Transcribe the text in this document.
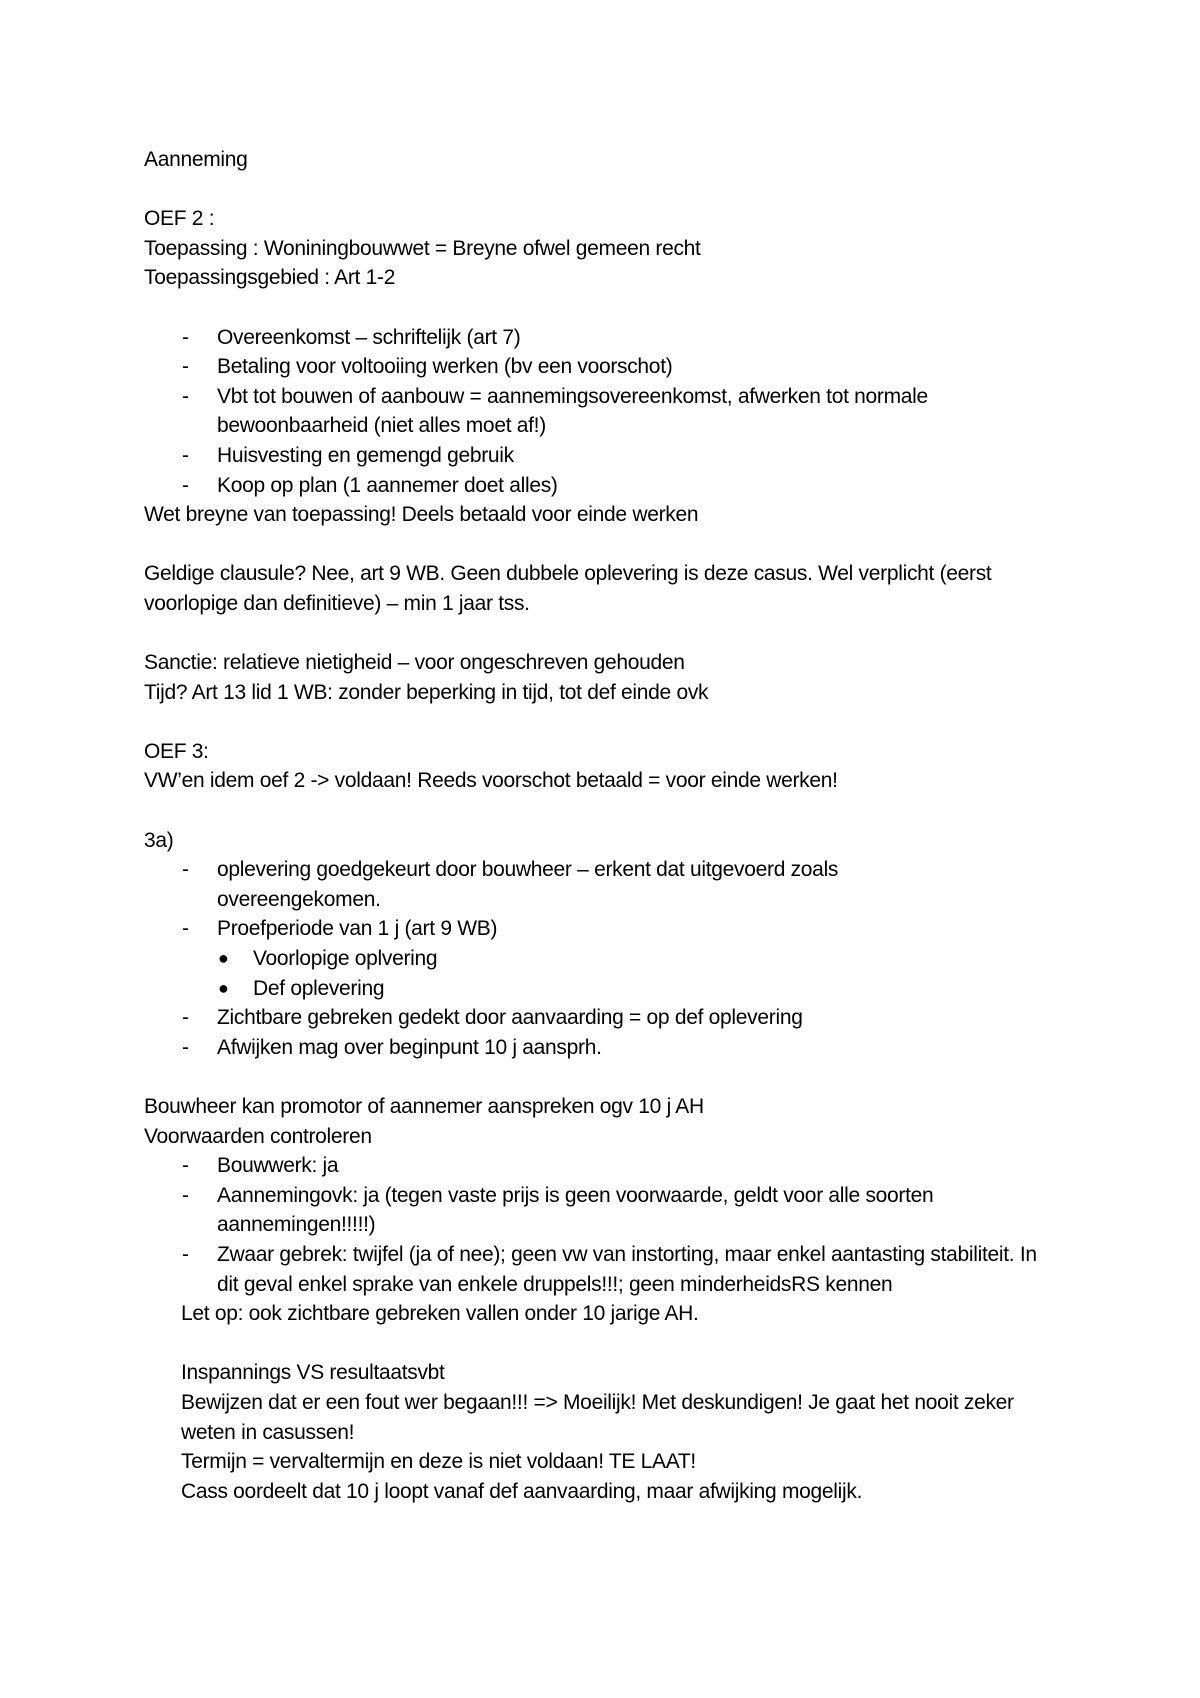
Aanneming
OEF 2 :
Toepassing : Woniningbouwwet = Breyne ofwel gemeen recht
Toepassingsgebied : Art 1-2
- Overeenkomst – schriftelijk (art 7)
- Betaling voor voltooiing werken (bv een voorschot)
- Vbt tot bouwen of aanbouw = aannemingsovereenkomst, afwerken tot normale bewoonbaarheid (niet alles moet af!)
- Huisvesting en gemengd gebruik
- Koop op plan (1 aannemer doet alles)
Wet breyne van toepassing! Deels betaald voor einde werken
Geldige clausule? Nee, art 9 WB. Geen dubbele oplevering is deze casus. Wel verplicht (eerst voorlopige dan definitieve) – min 1 jaar tss.
Sanctie: relatieve nietigheid – voor ongeschreven gehouden
Tijd? Art 13 lid 1 WB: zonder beperking in tijd, tot def einde ovk
OEF 3:
VW’en idem oef 2 -> voldaan! Reeds voorschot betaald = voor einde werken!
3a)
- oplevering goedgekeurt door bouwheer – erkent dat uitgevoerd zoals overeengekomen.
- Proefperiode van 1 j (art 9 WB)
● Voorlopige oplvering
● Def oplevering
- Zichtbare gebreken gedekt door aanvaarding = op def oplevering
- Afwijken mag over beginpunt 10 j aansprh.
Bouwheer kan promotor of aannemer aanspreken ogv 10 j AH
Voorwaarden controleren
- Bouwwerk: ja
- Aannemingovk: ja (tegen vaste prijs is geen voorwaarde, geldt voor alle soorten aannemingen!!!!!)
- Zwaar gebrek: twijfel (ja of nee); geen vw van instorting, maar enkel aantasting stabiliteit. In dit geval enkel sprake van enkele druppels!!!; geen minderheidsRS kennen
Let op: ook zichtbare gebreken vallen onder 10 jarige AH.
Inspannings VS resultaatsvbt
Bewijzen dat er een fout wer begaan!!! => Moeilijk! Met deskundigen! Je gaat het nooit zeker weten in casussen!
Termijn = vervaltermijn en deze is niet voldaan! TE LAAT!
Cass oordeelt dat 10 j loopt vanaf def aanvaarding, maar afwijking mogelijk.
